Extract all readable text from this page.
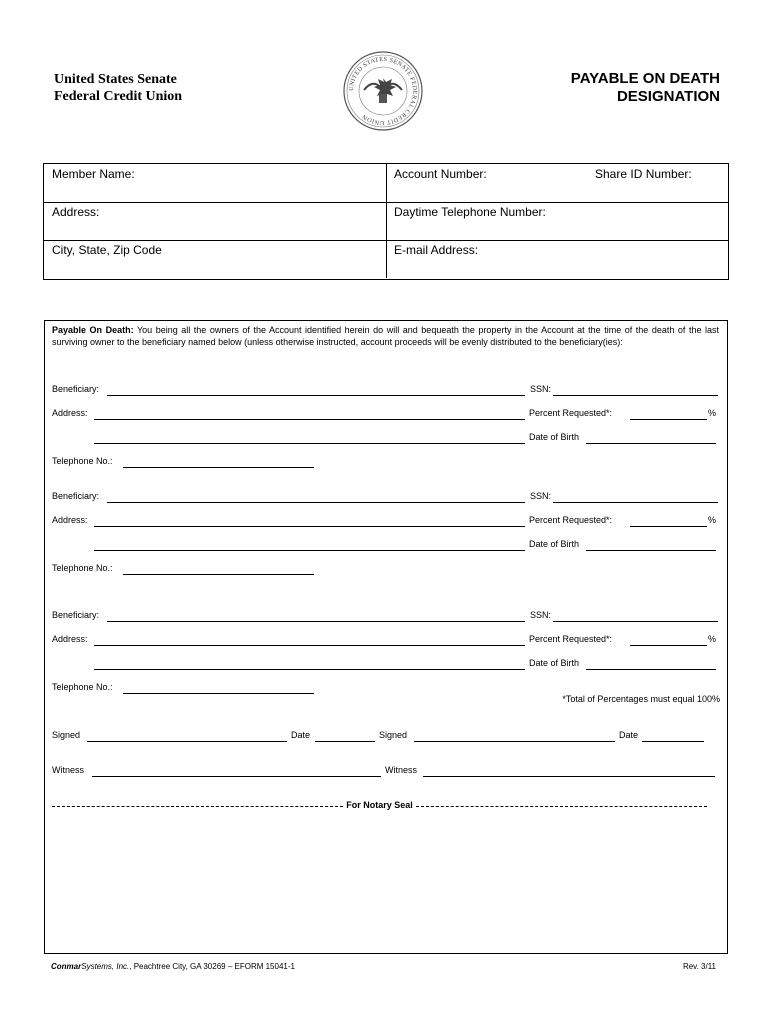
United States Senate
Federal Credit Union
UNITED STATES SENATE FEDERAL CREDIT UNION
PAYABLE ON DEATH
DESIGNATION
Member Name:	Account Number:	Share ID Number:
Address:	Daytime Telephone Number:
City, State, Zip Code	E-mail Address:
Payable On Death: You being all the owners of the Account identified herein do will and bequeath the property in the Account at the time of the death of the last surviving owner to the beneficiary named below (unless otherwise instructed, account proceeds will be evenly distributed to the beneficiary(ies):
Beneficiary:	SSN:
Address:	Percent Requested*:	%
Date of Birth
Telephone No.:
Beneficiary:	SSN:
Address:	Percent Requested*:	%
Date of Birth
Telephone No.:
Beneficiary:	SSN:
Address:	Percent Requested*:	%
Date of Birth
Telephone No.:
*Total of Percentages must equal 100%
Signed	Date	Signed	Date
Witness	Witness
For Notary Seal
ConmarSystems, Inc., Peachtree City, GA 30269 – EFORM 15041-1	Rev. 3/11
